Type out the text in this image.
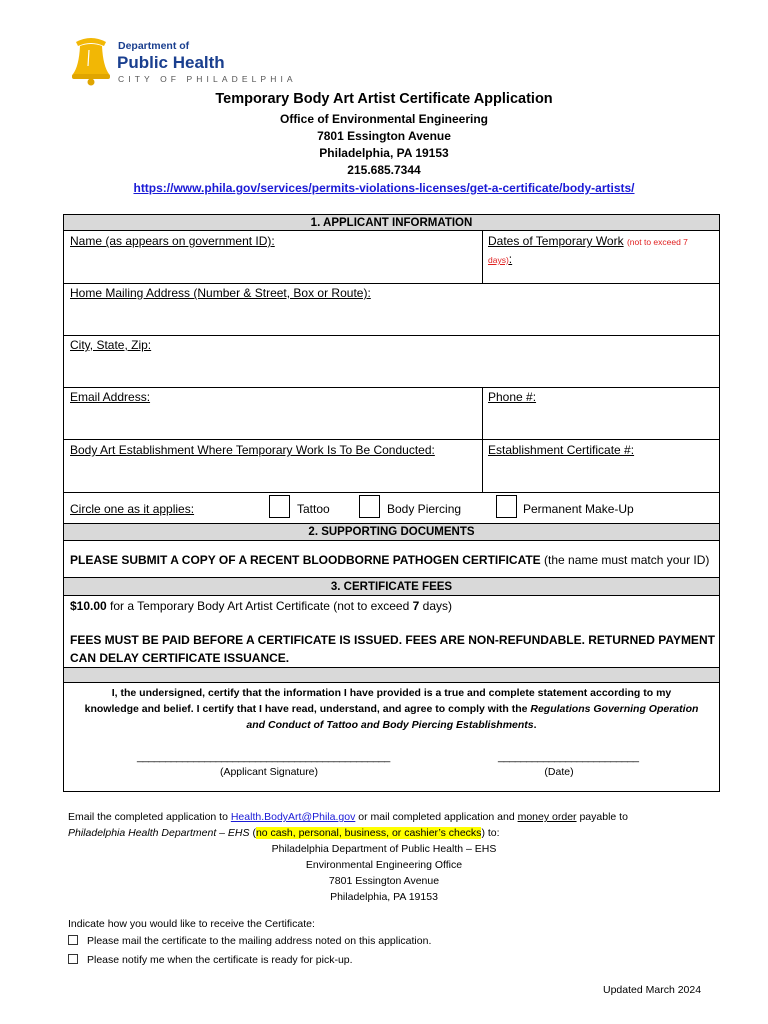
Department of
Public Health
CITY OF PHILADELPHIA
Temporary Body Art Artist Certificate Application
Office of Environmental Engineering
7801 Essington Avenue
Philadelphia, PA 19153
215.685.7344
https://www.phila.gov/services/permits-violations-licenses/get-a-certificate/body-artists/
1. APPLICANT INFORMATION
Name (as appears on government ID):	Dates of Temporary Work (not to exceed 7
days):
Home Mailing Address (Number & Street, Box or Route):
City, State, Zip:
Email Address:	Phone #:
Body Art Establishment Where Temporary Work Is To Be Conducted:	Establishment Certificate #:
Circle one as it applies:	Tattoo	Body Piercing	Permanent Make-Up
2. SUPPORTING DOCUMENTS
PLEASE SUBMIT A COPY OF A RECENT BLOODBORNE PATHOGEN CERTIFICATE (the name must match your ID)
3. CERTIFICATE FEES
$10.00 for a Temporary Body Art Artist Certificate (not to exceed 7 days)
FEES MUST BE PAID BEFORE A CERTIFICATE IS ISSUED. FEES ARE NON-REFUNDABLE. RETURNED PAYMENT CAN DELAY CERTIFICATE ISSUANCE.
I, the undersigned, certify that the information I have provided is a true and complete statement according to my knowledge and belief. I certify that I have read, understand, and agree to comply with the Regulations Governing Operation and Conduct of Tattoo and Body Piercing Establishments.
_____________________________________________	_________________________
(Applicant Signature)	(Date)
Email the completed application to Health.BodyArt@Phila.gov or mail completed application and money order payable to
Philadelphia Health Department – EHS (no cash, personal, business, or cashier’s checks) to:
Philadelphia Department of Public Health – EHS
Environmental Engineering Office
7801 Essington Avenue
Philadelphia, PA 19153
Indicate how you would like to receive the Certificate:
Please mail the certificate to the mailing address noted on this application.
Please notify me when the certificate is ready for pick-up.
Updated March 2024
